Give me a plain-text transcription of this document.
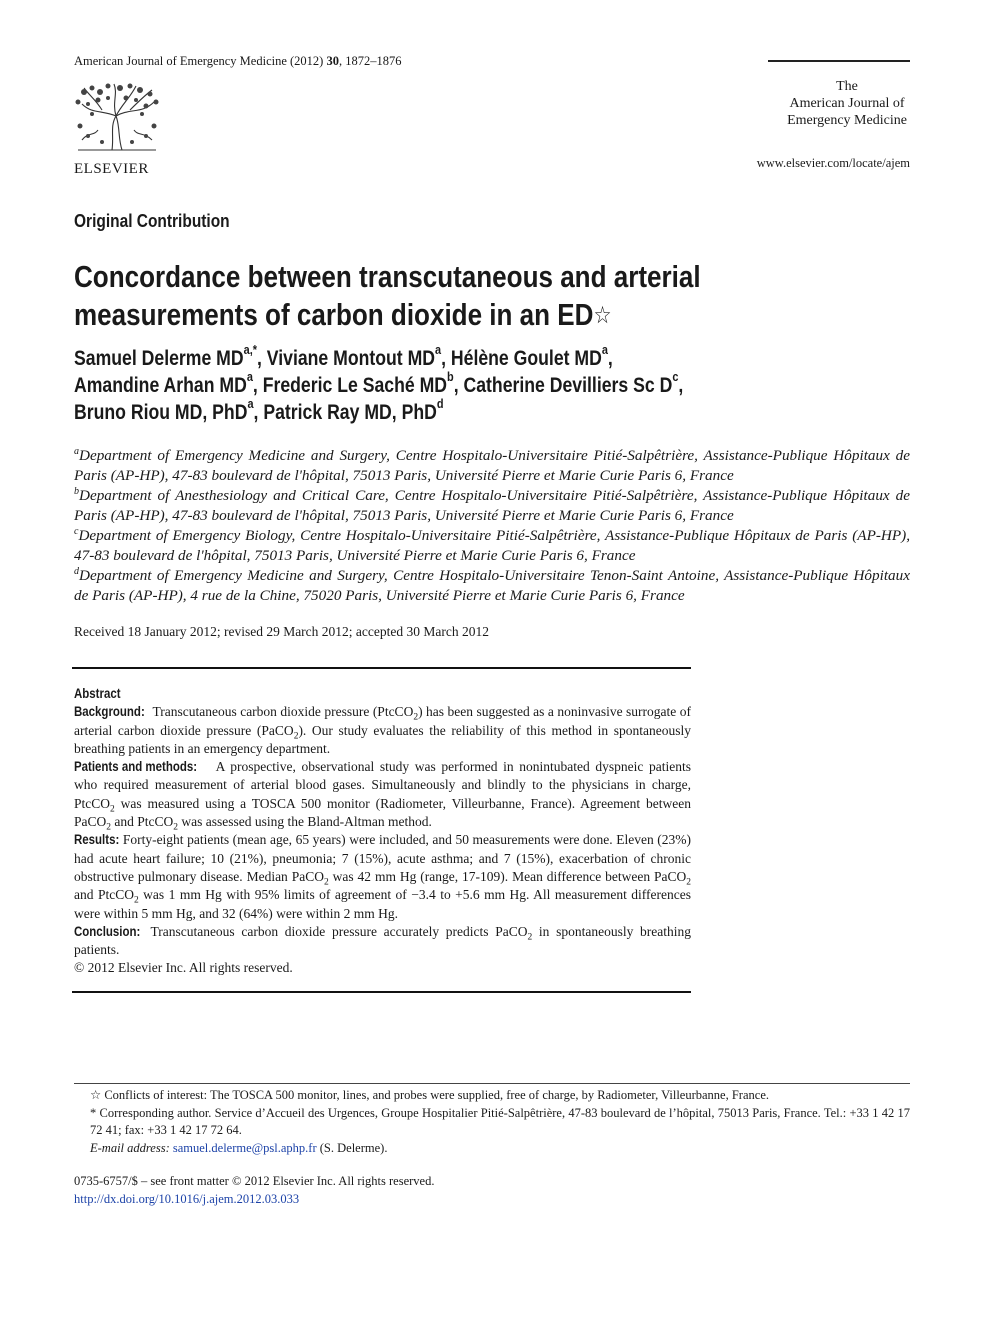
American Journal of Emergency Medicine (2012) 30, 1872–1876
ELSEVIER
The
American Journal of
Emergency Medicine
www.elsevier.com/locate/ajem
Original Contribution
Concordance between transcutaneous and arterial
measurements of carbon dioxide in an ED☆
Samuel Delerme $MD^{a,*}$, Viviane Montout $MD^a$, Hélène Goulet $MD^a$,
Amandine Arhan $MD^a$, Frederic Le Saché $MD^b$, Catherine Devilliers Sc $D^c$,
Bruno Riou MD, PhD$^a$, Patrick Ray MD, PhD$^d$
$^a$Department of Emergency Medicine and Surgery, Centre Hospitalo-Universitaire Pitié-Salpêtrière, Assistance-Publique Hôpitaux de Paris (AP-HP), 47-83 boulevard de l'hôpital, 75013 Paris, Université Pierre et Marie Curie Paris 6, France
$^b$Department of Anesthesiology and Critical Care, Centre Hospitalo-Universitaire Pitié-Salpêtrière, Assistance-Publique Hôpitaux de Paris (AP-HP), 47-83 boulevard de l'hôpital, 75013 Paris, Université Pierre et Marie Curie Paris 6, France
$^c$Department of Emergency Biology, Centre Hospitalo-Universitaire Pitié-Salpêtrière, Assistance-Publique Hôpitaux de Paris (AP-HP), 47-83 boulevard de l'hôpital, 75013 Paris, Université Pierre et Marie Curie Paris 6, France
$^d$Department of Emergency Medicine and Surgery, Centre Hospitalo-Universitaire Tenon-Saint Antoine, Assistance-Publique Hôpitaux de Paris (AP-HP), 4 rue de la Chine, 75020 Paris, Université Pierre et Marie Curie Paris 6, France
Received 18 January 2012; revised 29 March 2012; accepted 30 March 2012
Abstract

Background: Transcutaneous carbon dioxide pressure (PtcCO$_2$) has been suggested as a noninvasive surrogate of arterial carbon dioxide pressure (PaCO$_2$). Our study evaluates the reliability of this method in spontaneously breathing patients in an emergency department.

Patients and methods: A prospective, observational study was performed in nonintubated dyspneic patients who required measurement of arterial blood gases. Simultaneously and blindly to the physicians in charge, PtcCO$_2$ was measured using a TOSCA 500 monitor (Radiometer, Villeurbanne, France). Agreement between PaCO$_2$ and PtcCO$_2$ was assessed using the Bland-Altman method.

Results: Forty-eight patients (mean age, 65 years) were included, and 50 measurements were done. Eleven (23%) had acute heart failure; 10 (21%), pneumonia; 7 (15%), acute asthma; and 7 (15%), exacerbation of chronic obstructive pulmonary disease. Median PaCO$_2$ was 42 mm Hg (range, 17-109). Mean difference between PaCO$_2$ and PtcCO$_2$ was 1 mm Hg with 95% limits of agreement of −3.4 to +5.6 mm Hg. All measurement differences were within 5 mm Hg, and 32 (64%) were within 2 mm Hg.

Conclusion: Transcutaneous carbon dioxide pressure accurately predicts PaCO$_2$ in spontaneously breathing patients.

© 2012 Elsevier Inc. All rights reserved.

☆ Conflicts of interest: The TOSCA 500 monitor, lines, and probes were supplied, free of charge, by Radiometer, Villeurbanne, France.

* Corresponding author. Service d’Accueil des Urgences, Groupe Hospitalier Pitié-Salpêtrière, 47-83 boulevard de l’hôpital, 75013 Paris, France. Tel.: +33 1 42 17 72 41; fax: +33 1 42 17 72 64.

E-mail address: samuel.delerme@psl.aphp.fr (S. Delerme).

0735-6757/$ – see front matter © 2012 Elsevier Inc. All rights reserved.
http://dx.doi.org/10.1016/j.ajem.2012.03.033
